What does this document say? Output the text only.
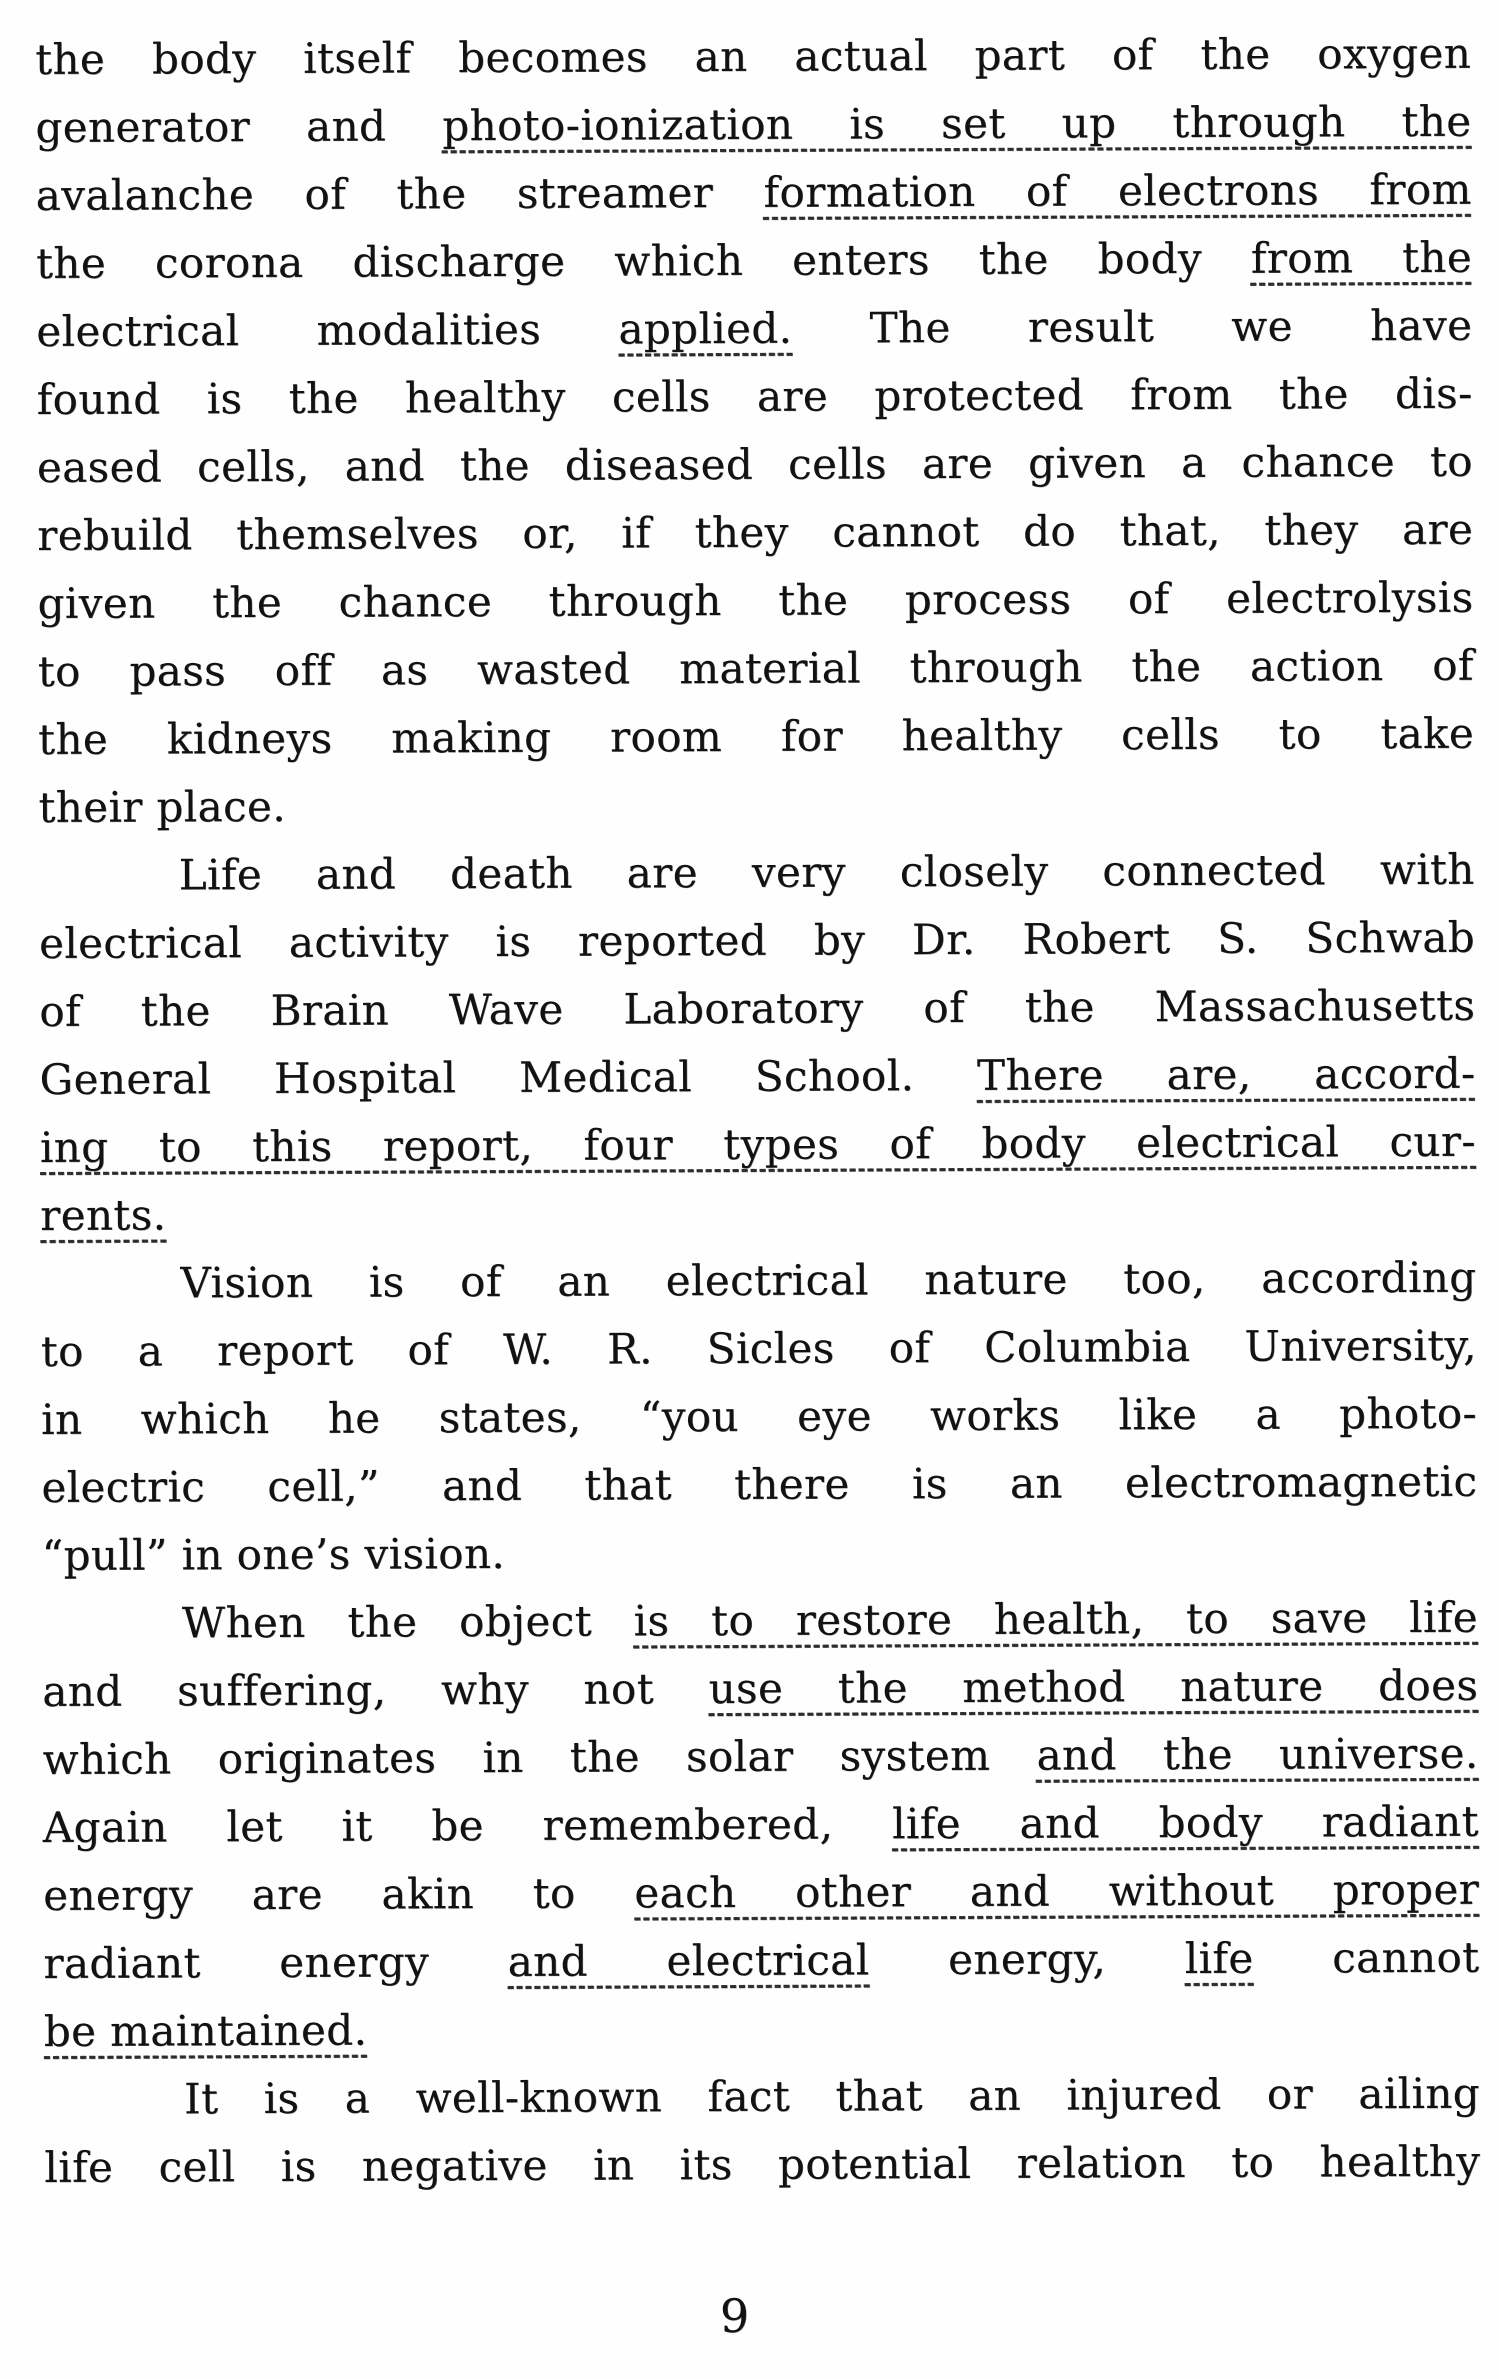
the body itself becomes an actual part of the oxygen
generator and photo-ionization is set up through the
avalanche of the streamer formation of electrons from
the corona discharge which enters the body from the
electrical modalities applied. The result we have
found is the healthy cells are protected from the dis-
eased cells, and the diseased cells are given a chance to
rebuild themselves or, if they cannot do that, they are
given the chance through the process of electrolysis
to pass off as wasted material through the action of
the kidneys making room for healthy cells to take
their place.
Life and death are very closely connected with
electrical activity is reported by Dr. Robert S. Schwab
of the Brain Wave Laboratory of the Massachusetts
General Hospital Medical School. There are, accord-
ing to this report, four types of body electrical cur-
rents.
Vision is of an electrical nature too, according
to a report of W. R. Sicles of Columbia University,
in which he states, “you eye works like a photo-
electric cell,” and that there is an electromagnetic
“pull” in one’s vision.
When the object is to restore health, to save life
and suffering, why not use the method nature does
which originates in the solar system and the universe.
Again let it be remembered, life and body radiant
energy are akin to each other and without proper
radiant energy and electrical energy, life cannot
be maintained.
It is a well-known fact that an injured or ailing
life cell is negative in its potential relation to healthy
9
